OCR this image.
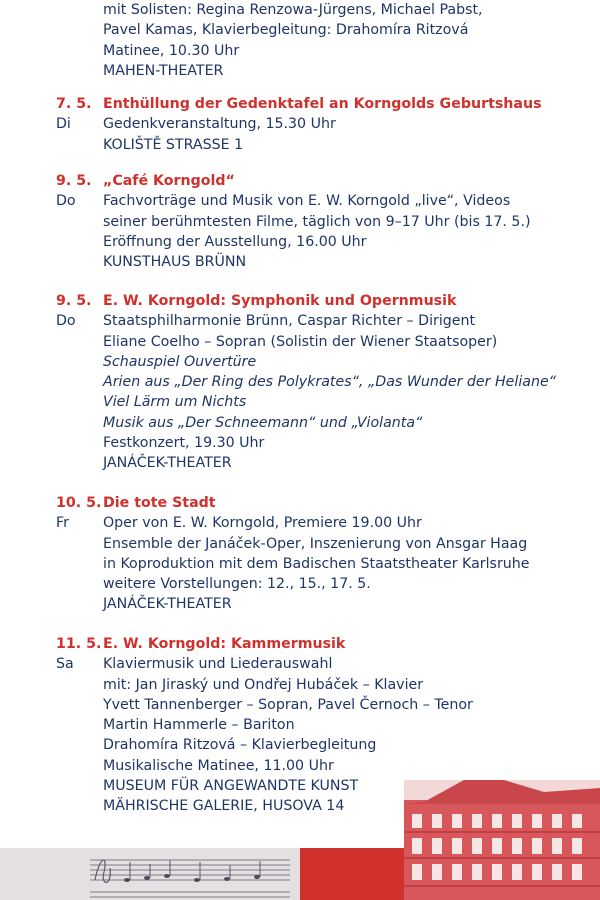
mit Solisten: Regina Renzowa-Jürgens, Michael Pabst,
Pavel Kamas, Klavierbegleitung: Drahomíra Ritzová
Matinee, 10.30 Uhr
MAHEN-THEATER
7. 5.
Di
Enthüllung der Gedenktafel an Korngolds Geburtshaus
Gedenkveranstaltung, 15.30 Uhr
KOLIŠTĚ STRASSE 1
9. 5.
Do
„Café Korngold“
Fachvorträge und Musik von E. W. Korngold „live“, Videos
seiner berühmtesten Filme, täglich von 9–17 Uhr (bis 17. 5.)
Eröffnung der Ausstellung, 16.00 Uhr
KUNSTHAUS BRÜNN
9. 5.
Do
E. W. Korngold: Symphonik und Opernmusik
Staatsphilharmonie Brünn, Caspar Richter – Dirigent
Eliane Coelho – Sopran (Solistin der Wiener Staatsoper)
Schauspiel Ouvertüre
Arien aus „Der Ring des Polykrates“, „Das Wunder der Heliane“
Viel Lärm um Nichts
Musik aus „Der Schneemann“ und „Violanta“
Festkonzert, 19.30 Uhr
JANÁČEK-THEATER
10. 5.
Fr
Die tote Stadt
Oper von E. W. Korngold, Premiere 19.00 Uhr
Ensemble der Janáček-Oper, Inszenierung von Ansgar Haag
in Koproduktion mit dem Badischen Staatstheater Karlsruhe
weitere Vorstellungen: 12., 15., 17. 5.
JANÁČEK-THEATER
11. 5.
Sa
E. W. Korngold: Kammermusik
Klaviermusik und Liederauswahl
mit: Jan Jiraský und Ondřej Hubáček – Klavier
Yvett Tannenberger – Sopran, Pavel Černoch – Tenor
Martin Hammerle – Bariton
Drahomíra Ritzová – Klavierbegleitung
Musikalische Matinee, 11.00 Uhr
MUSEUM FÜR ANGEWANDTE KUNST
MÄHRISCHE GALERIE, HUSOVA 14
